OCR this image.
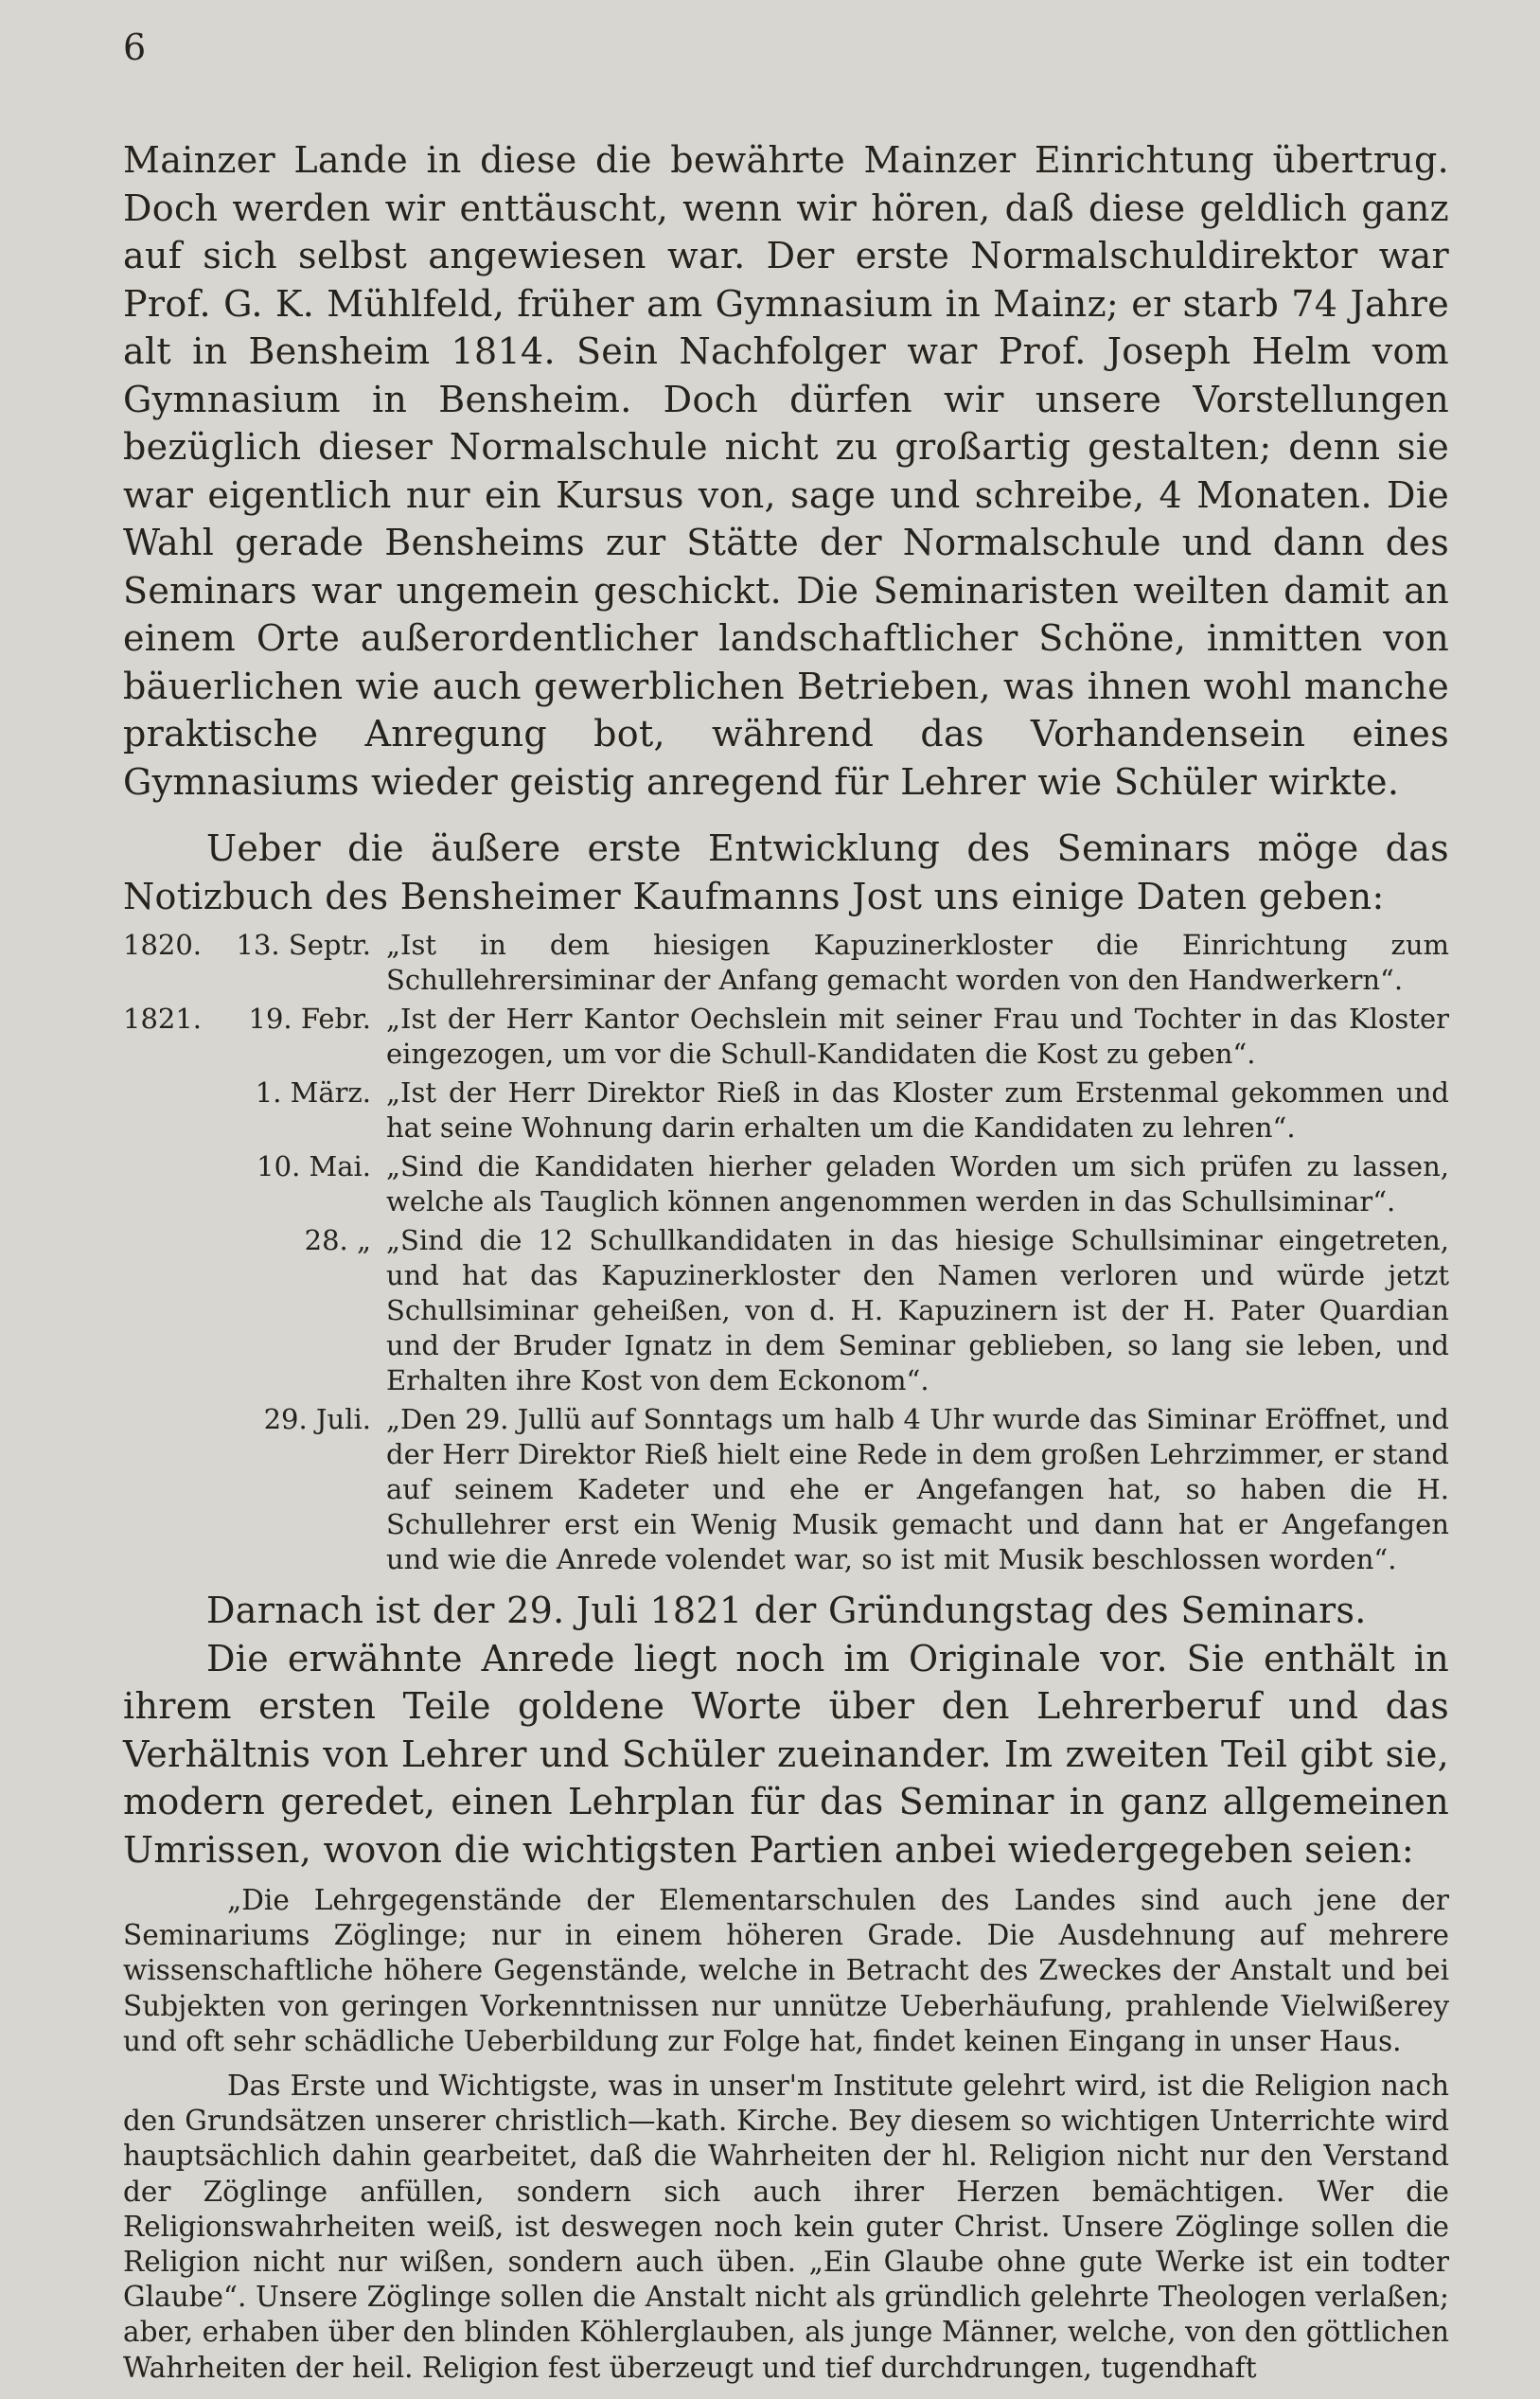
6

Mainzer Lande in diese die bewährte Mainzer Einrichtung übertrug. Doch werden wir enttäuscht, wenn wir hören, daß diese geldlich ganz auf sich selbst angewiesen war. Der erste Normalschuldirektor war Prof. G. K. Mühlfeld, früher am Gymnasium in Mainz; er starb 74 Jahre alt in Bensheim 1814. Sein Nachfolger war Prof. Joseph Helm vom Gymnasium in Bensheim. Doch dürfen wir unsere Vorstellungen bezüglich dieser Normalschule nicht zu großartig gestalten; denn sie war eigentlich nur ein Kursus von, sage und schreibe, 4 Monaten. Die Wahl gerade Bensheims zur Stätte der Normalschule und dann des Seminars war ungemein geschickt. Die Seminaristen weilten damit an einem Orte außerordentlicher landschaftlicher Schöne, inmitten von bäuerlichen wie auch gewerblichen Betrieben, was ihnen wohl manche praktische Anregung bot, während das Vorhandensein eines Gymnasiums wieder geistig anregend für Lehrer wie Schüler wirkte.

Ueber die äußere erste Entwicklung des Seminars möge das Notizbuch des Bensheimer Kaufmanns Jost uns einige Daten geben:

1820. 13. Septr. „Ist in dem hiesigen Kapuzinerkloster die Einrichtung zum Schullehrersiminar der Anfang gemacht worden von den Handwerkern“.
1821. 19. Febr. „Ist der Herr Kantor Oechslein mit seiner Frau und Tochter in das Kloster eingezogen, um vor die Schull-Kandidaten die Kost zu geben“.
1. März. „Ist der Herr Direktor Rieß in das Kloster zum Erstenmal gekommen und hat seine Wohnung darin erhalten um die Kandidaten zu lehren“.
10. Mai. „Sind die Kandidaten hierher geladen Worden um sich prüfen zu lassen, welche als Tauglich können angenommen werden in das Schullsiminar“.
28. „ „Sind die 12 Schullkandidaten in das hiesige Schullsiminar eingetreten, und hat das Kapuzinerkloster den Namen verloren und würde jetzt Schullsiminar geheißen, von d. H. Kapuzinern ist der H. Pater Quardian und der Bruder Ignatz in dem Seminar geblieben, so lang sie leben, und Erhalten ihre Kost von dem Eckonom“.
29. Juli. „Den 29. Jullü auf Sonntags um halb 4 Uhr wurde das Siminar Eröffnet, und der Herr Direktor Rieß hielt eine Rede in dem großen Lehrzimmer, er stand auf seinem Kadeter und ehe er Angefangen hat, so haben die H. Schullehrer erst ein Wenig Musik gemacht und dann hat er Angefangen und wie die Anrede volendet war, so ist mit Musik beschlossen worden“.

Darnach ist der 29. Juli 1821 der Gründungstag des Seminars.

Die erwähnte Anrede liegt noch im Originale vor. Sie enthält in ihrem ersten Teile goldene Worte über den Lehrerberuf und das Verhältnis von Lehrer und Schüler zueinander. Im zweiten Teil gibt sie, modern geredet, einen Lehrplan für das Seminar in ganz allgemeinen Umrissen, wovon die wichtigsten Partien anbei wiedergegeben seien:

„Die Lehrgegenstände der Elementarschulen des Landes sind auch jene der Seminariums Zöglinge; nur in einem höheren Grade. Die Ausdehnung auf mehrere wissenschaftliche höhere Gegenstände, welche in Betracht des Zweckes der Anstalt und bei Subjekten von geringen Vorkenntnissen nur unnütze Ueberhäufung, prahlende Vielwißerey und oft sehr schädliche Ueberbildung zur Folge hat, findet keinen Eingang in unser Haus.

Das Erste und Wichtigste, was in unser'm Institute gelehrt wird, ist die Religion nach den Grundsätzen unserer christlich—kath. Kirche. Bey diesem so wichtigen Unterrichte wird hauptsächlich dahin gearbeitet, daß die Wahrheiten der hl. Religion nicht nur den Verstand der Zöglinge anfüllen, sondern sich auch ihrer Herzen bemächtigen. Wer die Religionswahrheiten weiß, ist deswegen noch kein guter Christ. Unsere Zöglinge sollen die Religion nicht nur wißen, sondern auch üben. „Ein Glaube ohne gute Werke ist ein todter Glaube“. Unsere Zöglinge sollen die Anstalt nicht als gründlich gelehrte Theologen verlaßen; aber, erhaben über den blinden Köhlerglauben, als junge Männer, welche, von den göttlichen Wahrheiten der heil. Religion fest überzeugt und tief durchdrungen, tugendhaft
